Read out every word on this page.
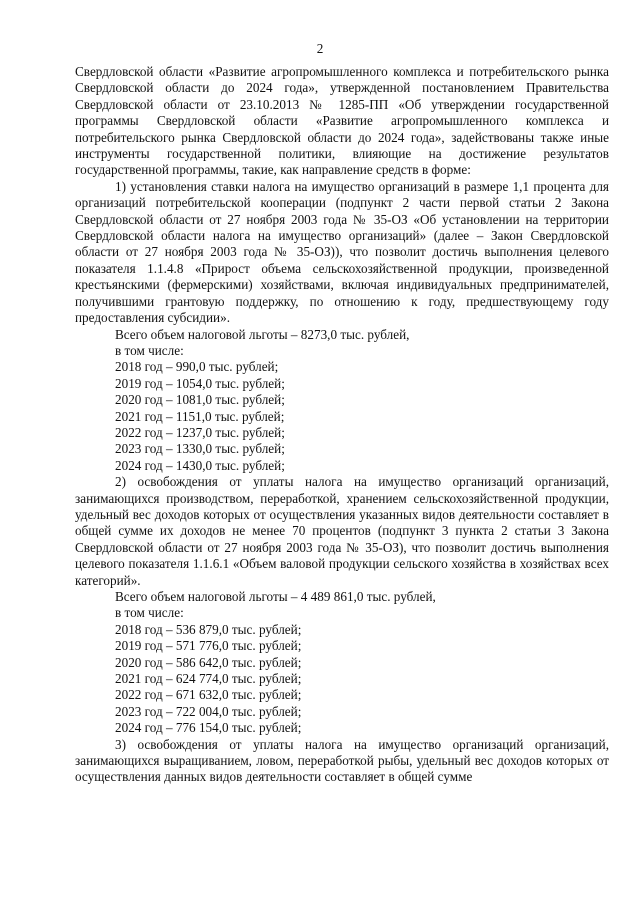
2

Свердловской области «Развитие агропромышленного комплекса и потребительского рынка Свердловской области до 2024 года», утвержденной постановлением Правительства Свердловской области от 23.10.2013 № 1285-ПП «Об утверждении государственной программы Свердловской области «Развитие агропромышленного комплекса и потребительского рынка Свердловской области до 2024 года», задействованы также иные инструменты государственной политики, влияющие на достижение результатов государственной программы, такие, как направление средств в форме:

1) установления ставки налога на имущество организаций в размере 1,1 процента для организаций потребительской кооперации (подпункт 2 части первой статьи 2 Закона Свердловской области от 27 ноября 2003 года № 35-ОЗ «Об установлении на территории Свердловской области налога на имущество организаций» (далее – Закон Свердловской области от 27 ноября 2003 года № 35-ОЗ)), что позволит достичь выполнения целевого показателя 1.1.4.8 «Прирост объема сельскохозяйственной продукции, произведенной крестьянскими (фермерскими) хозяйствами, включая индивидуальных предпринимателей, получившими грантовую поддержку, по отношению к году, предшествующему году предоставления субсидии».

Всего объем налоговой льготы – 8273,0 тыс. рублей,

в том числе:

2018 год – 990,0 тыс. рублей;

2019 год – 1054,0 тыс. рублей;

2020 год – 1081,0 тыс. рублей;

2021 год – 1151,0 тыс. рублей;

2022 год – 1237,0 тыс. рублей;

2023 год – 1330,0 тыс. рублей;

2024 год – 1430,0 тыс. рублей;

2) освобождения от уплаты налога на имущество организаций организаций, занимающихся производством, переработкой, хранением сельскохозяйственной продукции, удельный вес доходов которых от осуществления указанных видов деятельности составляет в общей сумме их доходов не менее 70 процентов (подпункт 3 пункта 2 статьи 3 Закона Свердловской области от 27 ноября 2003 года № 35-ОЗ), что позволит достичь выполнения целевого показателя 1.1.6.1 «Объем валовой продукции сельского хозяйства в хозяйствах всех категорий».

Всего объем налоговой льготы – 4 489 861,0 тыс. рублей,

в том числе:

2018 год – 536 879,0 тыс. рублей;

2019 год – 571 776,0 тыс. рублей;

2020 год – 586 642,0 тыс. рублей;

2021 год – 624 774,0 тыс. рублей;

2022 год – 671 632,0 тыс. рублей;

2023 год – 722 004,0 тыс. рублей;

2024 год – 776 154,0 тыс. рублей;

3) освобождения от уплаты налога на имущество организаций организаций, занимающихся выращиванием, ловом, переработкой рыбы, удельный вес доходов которых от осуществления данных видов деятельности составляет в общей сумме
